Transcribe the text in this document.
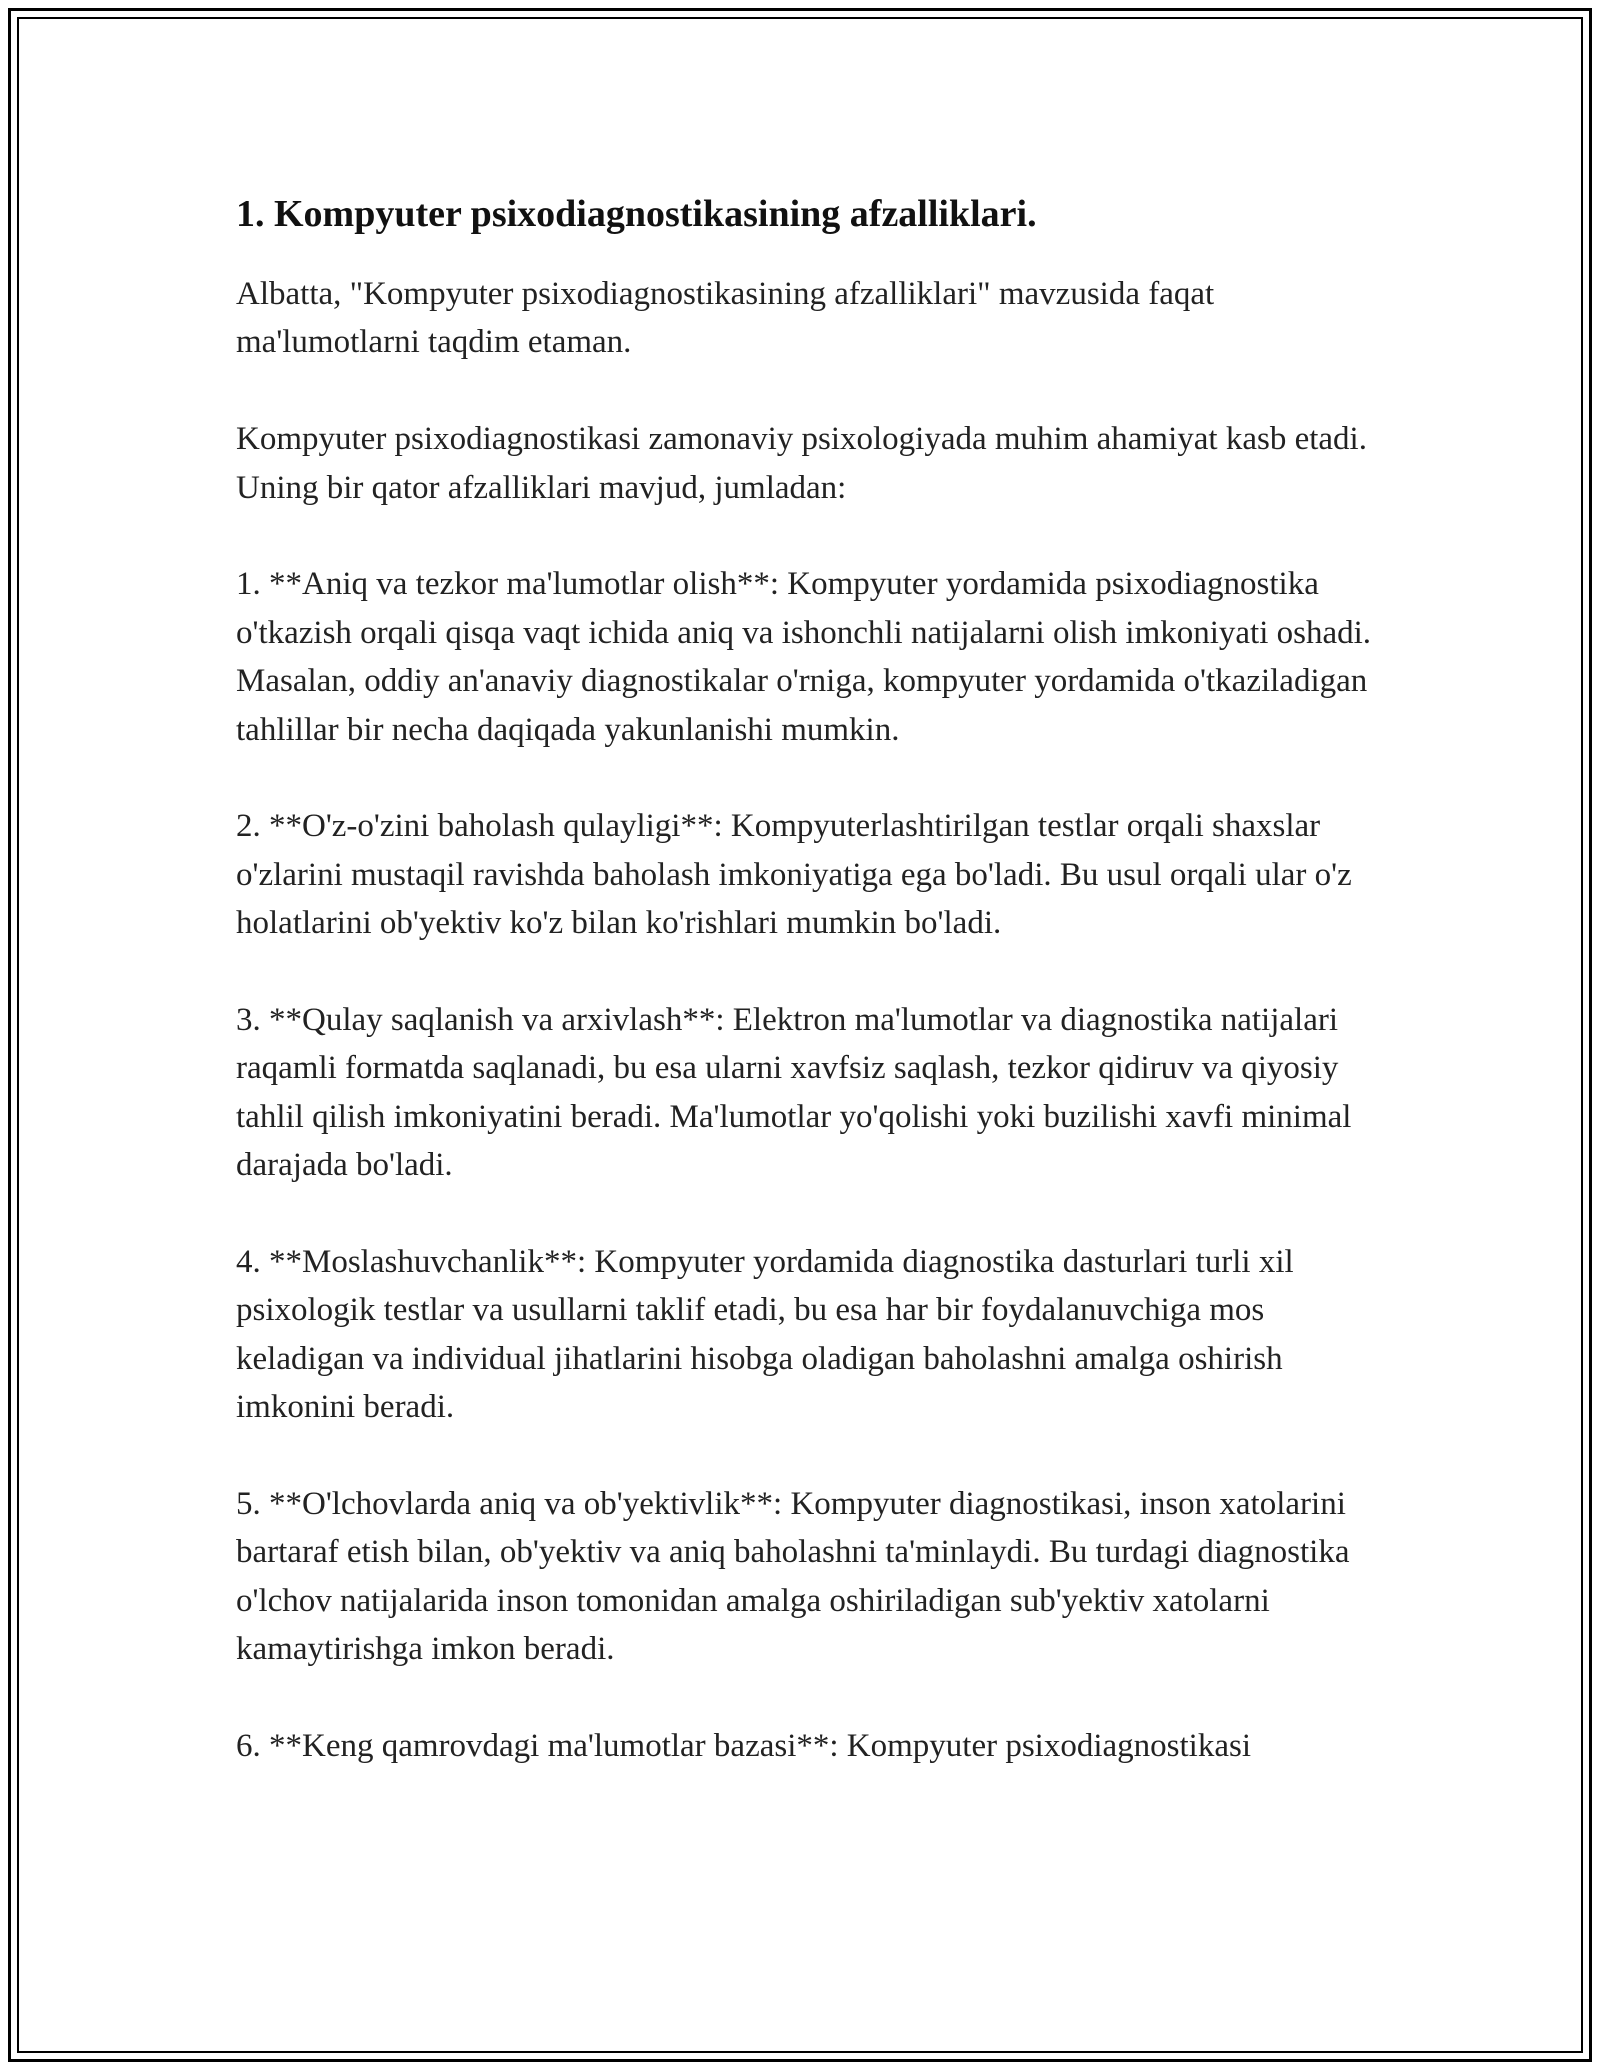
1. Kompyuter psixodiagnostikasining afzalliklari.

Albatta, "Kompyuter psixodiagnostikasining afzalliklari" mavzusida faqat ma'lumotlarni taqdim etaman.

Kompyuter psixodiagnostikasi zamonaviy psixologiyada muhim ahamiyat kasb etadi. Uning bir qator afzalliklari mavjud, jumladan:

1. **Aniq va tezkor ma'lumotlar olish**: Kompyuter yordamida psixodiagnostika o'tkazish orqali qisqa vaqt ichida aniq va ishonchli natijalarni olish imkoniyati oshadi. Masalan, oddiy an'anaviy diagnostikalar o'rniga, kompyuter yordamida o'tkaziladigan tahlillar bir necha daqiqada yakunlanishi mumkin.

2. **O'z-o'zini baholash qulayligi**: Kompyuterlashtirilgan testlar orqali shaxslar o'zlarini mustaqil ravishda baholash imkoniyatiga ega bo'ladi. Bu usul orqali ular o'z holatlarini ob'yektiv ko'z bilan ko'rishlari mumkin bo'ladi.

3. **Qulay saqlanish va arxivlash**: Elektron ma'lumotlar va diagnostika natijalari raqamli formatda saqlanadi, bu esa ularni xavfsiz saqlash, tezkor qidiruv va qiyosiy tahlil qilish imkoniyatini beradi. Ma'lumotlar yo'qolishi yoki buzilishi xavfi minimal darajada bo'ladi.

4. **Moslashuvchanlik**: Kompyuter yordamida diagnostika dasturlari turli xil psixologik testlar va usullarni taklif etadi, bu esa har bir foydalanuvchiga mos keladigan va individual jihatlarini hisobga oladigan baholashni amalga oshirish imkonini beradi.

5. **O'lchovlarda aniq va ob'yektivlik**: Kompyuter diagnostikasi, inson xatolarini bartaraf etish bilan, ob'yektiv va aniq baholashni ta'minlaydi. Bu turdagi diagnostika o'lchov natijalarida inson tomonidan amalga oshiriladigan sub'yektiv xatolarni kamaytirishga imkon beradi.

6. **Keng qamrovdagi ma'lumotlar bazasi**: Kompyuter psixodiagnostikasi
